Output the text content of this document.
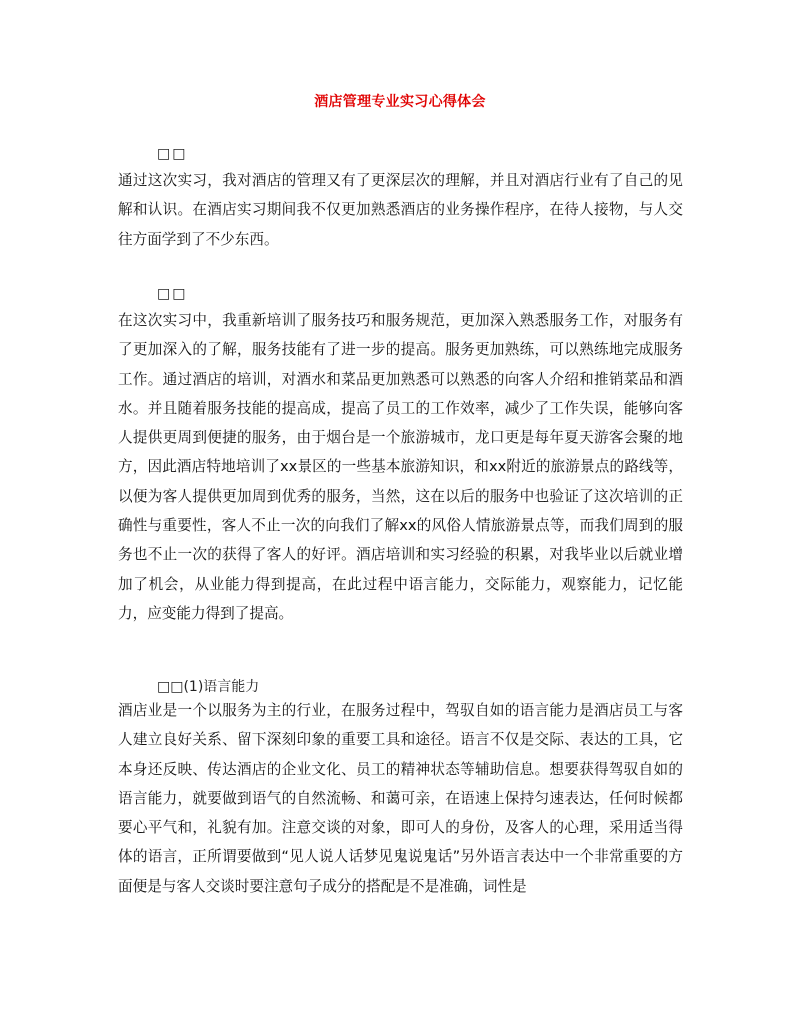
酒店管理专业实习心得体会
□□
通过这次实习，我对酒店的管理又有了更深层次的理解，并且对酒店行业有了自己的见解和认识。在酒店实习期间我不仅更加熟悉酒店的业务操作程序，在待人接物，与人交往方面学到了不少东西。
□□
在这次实习中，我重新培训了服务技巧和服务规范，更加深入熟悉服务工作，对服务有了更加深入的了解，服务技能有了进一步的提高。服务更加熟练，可以熟练地完成服务工作。通过酒店的培训，对酒水和菜品更加熟悉可以熟悉的向客人介绍和推销菜品和酒水。并且随着服务技能的提高成，提高了员工的工作效率，减少了工作失误，能够向客人提供更周到便捷的服务，由于烟台是一个旅游城市，龙口更是每年夏天游客会聚的地方，因此酒店特地培训了xx景区的一些基本旅游知识，和xx附近的旅游景点的路线等，以便为客人提供更加周到优秀的服务，当然，这在以后的服务中也验证了这次培训的正确性与重要性，客人不止一次的向我们了解xx的风俗人情旅游景点等，而我们周到的服务也不止一次的获得了客人的好评。酒店培训和实习经验的积累，对我毕业以后就业增加了机会，从业能力得到提高，在此过程中语言能力，交际能力，观察能力，记忆能力，应变能力得到了提高。
□□(1)语言能力
酒店业是一个以服务为主的行业，在服务过程中，驾驭自如的语言能力是酒店员工与客人建立良好关系、留下深刻印象的重要工具和途径。语言不仅是交际、表达的工具，它本身还反映、传达酒店的企业文化、员工的精神状态等辅助信息。想要获得驾驭自如的语言能力，就要做到语气的自然流畅、和蔼可亲，在语速上保持匀速表达，任何时候都要心平气和，礼貌有加。注意交谈的对象，即可人的身份，及客人的心理，采用适当得体的语言，正所谓要做到“见人说人话梦见鬼说鬼话”另外语言表达中一个非常重要的方面便是与客人交谈时要注意句子成分的搭配是不是准确，词性是
